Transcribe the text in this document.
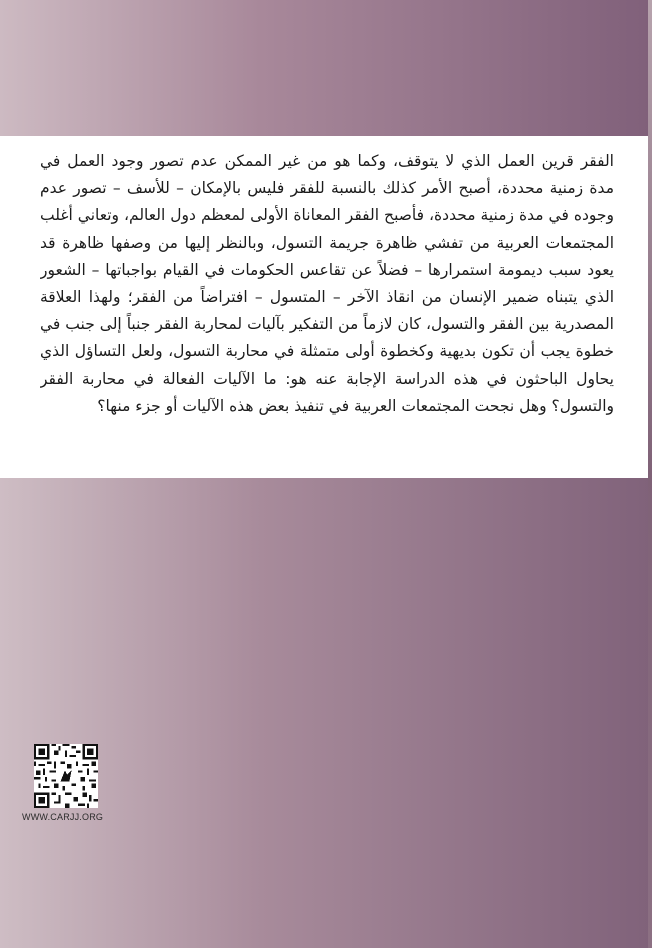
الفقر قرين العمل الذي لا يتوقف، وكما هو من غير الممكن عدم تصور وجود العمل في
مدة زمنية محددة، أصبح الأمر كذلك بالنسبة للفقر فليس بالإمكان – للأسف – تصور عدم
وجوده في مدة زمنية محددة، فأصبح الفقر المعاناة الأولى لمعظم دول العالم، وتعاني أغلب
المجتمعات العربية من تفشي ظاهرة جريمة التسول، وبالنظر إليها من وصفها ظاهرة قد
يعود سبب ديمومة استمرارها – فضلاً عن تقاعس الحكومات في القيام بواجباتها – الشعور
الذي يتبناه ضمير الإنسان من انقاذ الآخر – المتسول – افتراضاً من الفقر؛ ولهذا العلاقة
المصدرية بين الفقر والتسول، كان لازماً من التفكير بآليات لمحاربة الفقر جنباً إلى جنب في
خطوة يجب أن تكون بديهية وكخطوة أولى متمثلة في محاربة التسول، ولعل التساؤل الذي
يحاول الباحثون في هذه الدراسة الإجابة عنه هو: ما الآليات الفعالة في محاربة الفقر
والتسول؟ وهل نجحت المجتمعات العربية في تنفيذ بعض هذه الآليات أو جزء منها؟
WWW.CARJJ.ORG
